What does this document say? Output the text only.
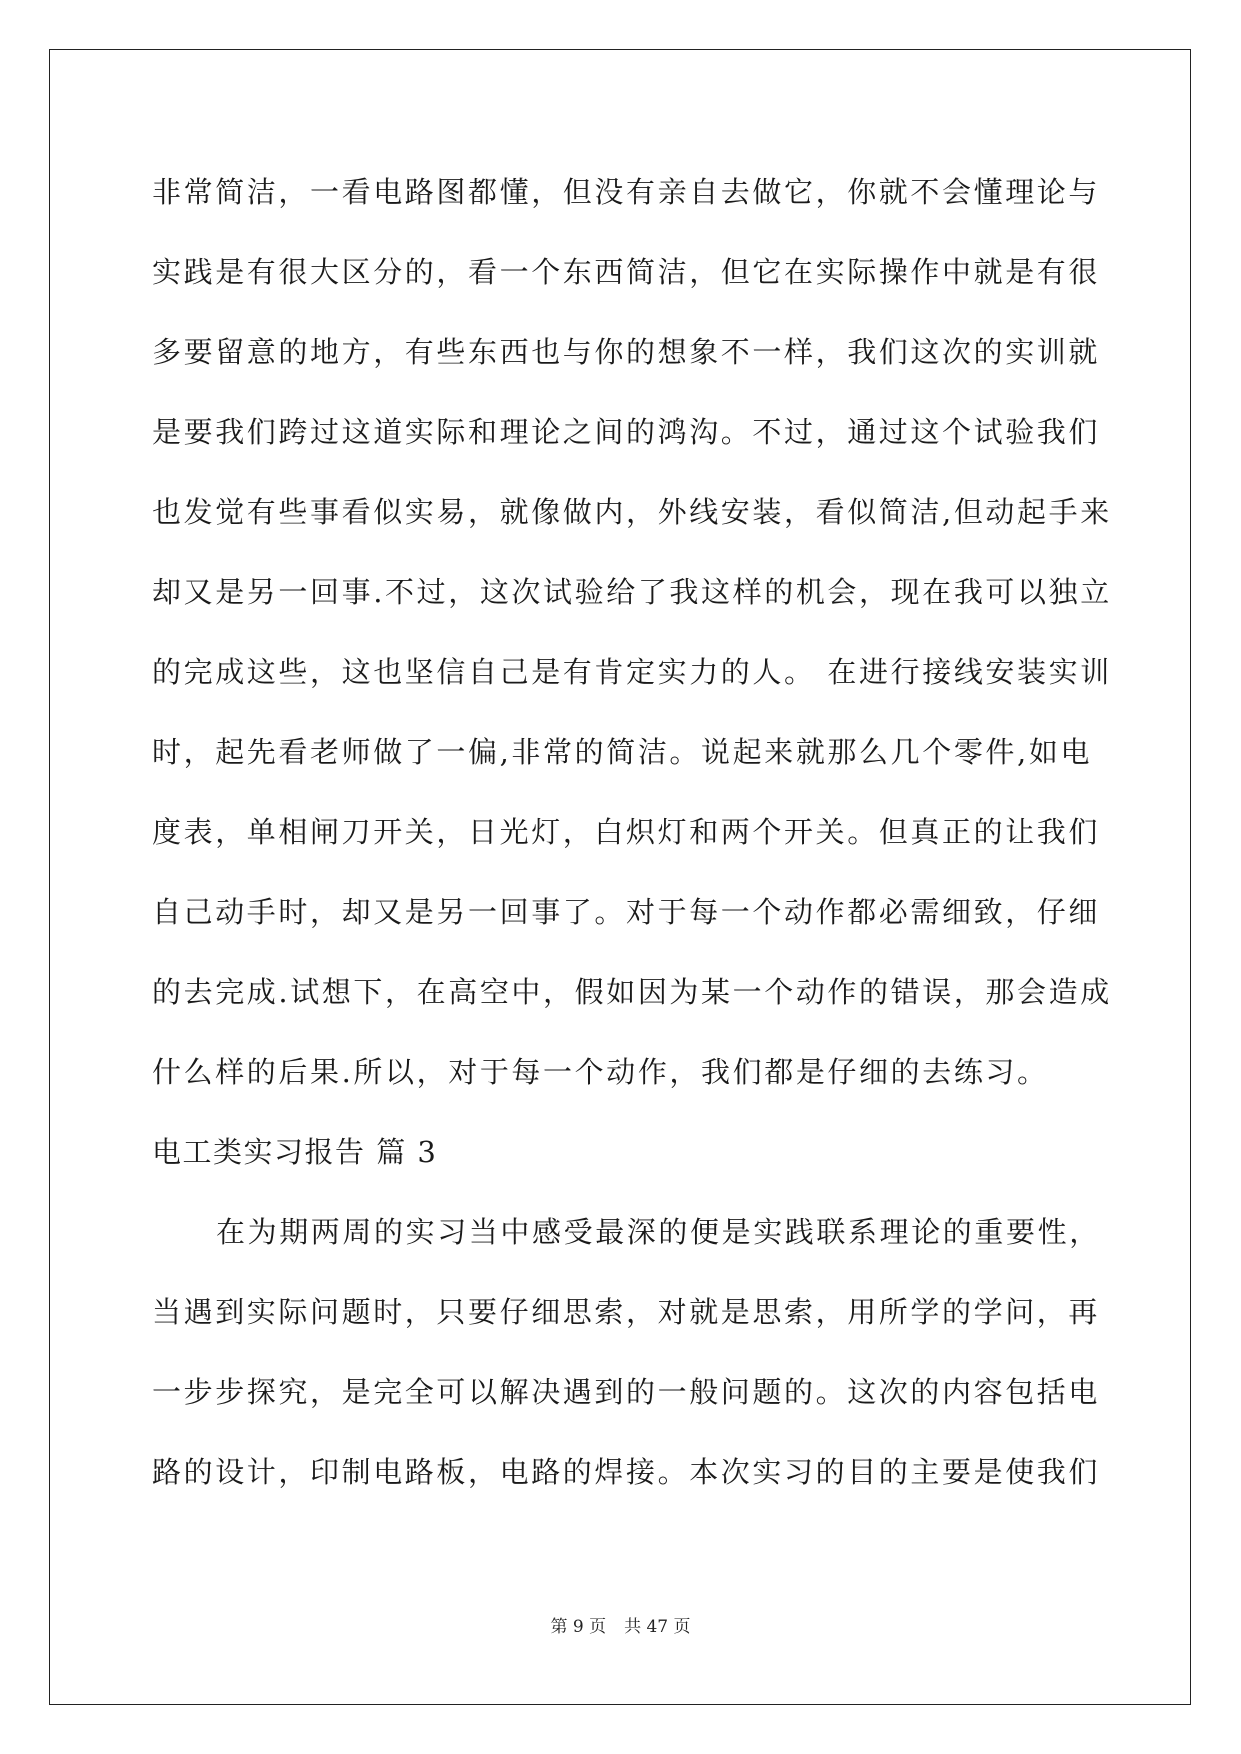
非常简洁，一看电路图都懂，但没有亲自去做它，你就不会懂理论与
实践是有很大区分的，看一个东西简洁，但它在实际操作中就是有很
多要留意的地方，有些东西也与你的想象不一样，我们这次的实训就
是要我们跨过这道实际和理论之间的鸿沟。不过，通过这个试验我们
也发觉有些事看似实易，就像做内，外线安装，看似简洁,但动起手来
却又是另一回事.不过，这次试验给了我这样的机会，现在我可以独立
的完成这些，这也坚信自己是有肯定实力的人。 在进行接线安装实训
时，起先看老师做了一偏,非常的简洁。说起来就那么几个零件,如电
度表，单相闸刀开关，日光灯，白炽灯和两个开关。但真正的让我们
自己动手时，却又是另一回事了。对于每一个动作都必需细致，仔细
的去完成.试想下，在高空中，假如因为某一个动作的错误，那会造成
什么样的后果.所以，对于每一个动作，我们都是仔细的去练习。
电工类实习报告 篇 3
在为期两周的实习当中感受最深的便是实践联系理论的重要性，
当遇到实际问题时，只要仔细思索，对就是思索，用所学的学问，再
一步步探究，是完全可以解决遇到的一般问题的。这次的内容包括电
路的设计，印制电路板，电路的焊接。本次实习的目的主要是使我们
第 9 页 共 47 页
